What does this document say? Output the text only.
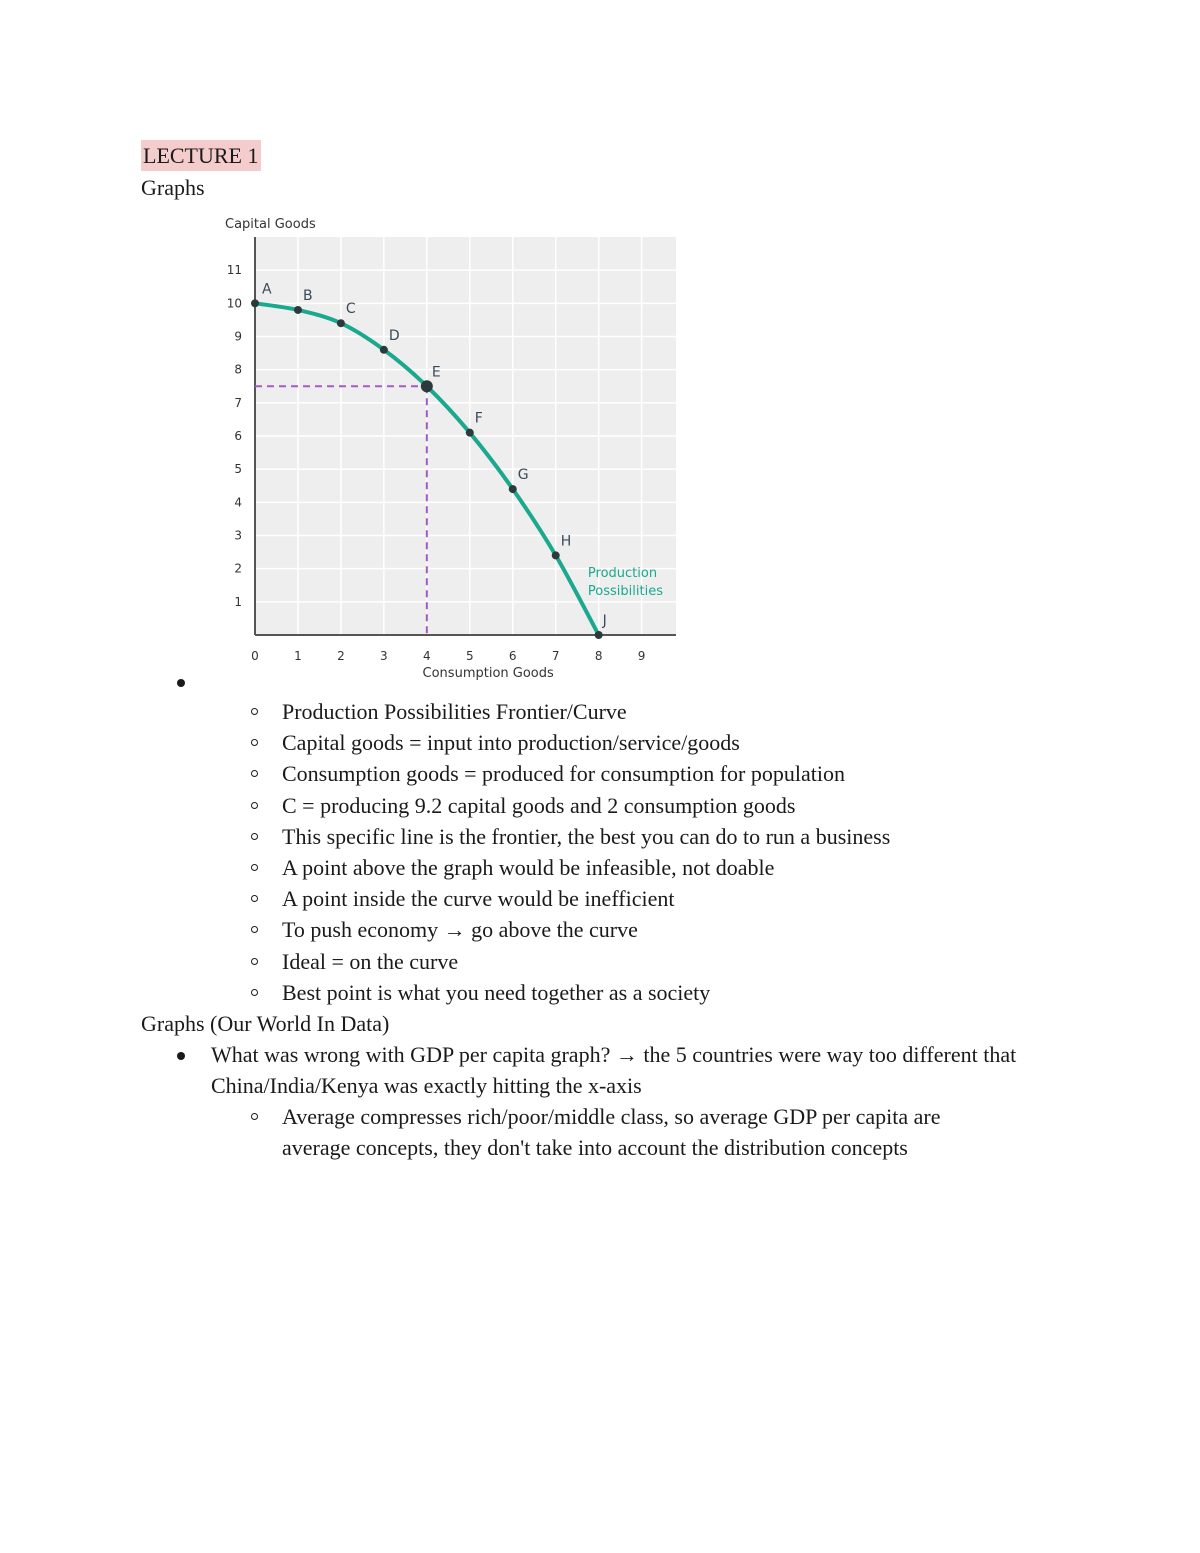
LECTURE 1
Graphs
0	1	2	3	4	5	6	7	8	9
1
2
3
4
5
6
7
8
9
10
11
Capital Goods
Consumption Goods
A B
C
D
E
F
G
H
J
Production
Possibilities
Production Possibilities Frontier/Curve
Capital goods = input into production/service/goods
Consumption goods = produced for consumption for population
C = producing 9.2 capital goods and 2 consumption goods
This specific line is the frontier, the best you can do to run a business
A point above the graph would be infeasible, not doable
A point inside the curve would be inefficient
To push economy → go above the curve
Ideal = on the curve
Best point is what you need together as a society
Graphs (Our World In Data)
What was wrong with GDP per capita graph? → the 5 countries were way too different that China/India/Kenya was exactly hitting the x-axis
Average compresses rich/poor/middle class, so average GDP per capita are average concepts, they don't take into account the distribution concepts
